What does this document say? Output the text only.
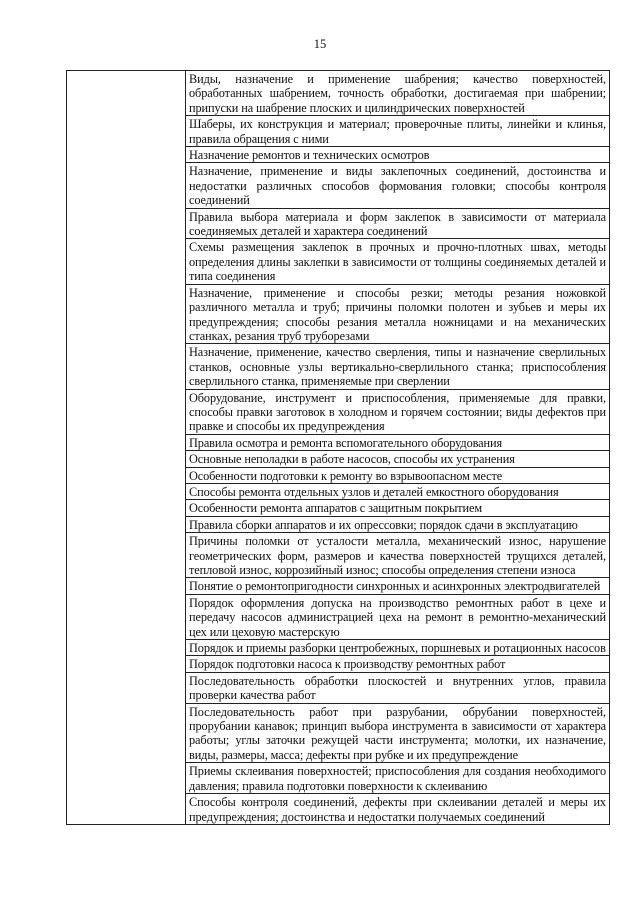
15
	Виды, назначение и применение шабрения; качество поверхностей, обработанных шабрением, точность обработки, достигаемая при шабрении; припуски на шабрение плоских и цилиндрических поверхностей
Шаберы, их конструкция и материал; проверочные плиты, линейки и клинья, правила обращения с ними
Назначение ремонтов и технических осмотров
Назначение, применение и виды заклепочных соединений, достоинства и недостатки различных способов формования головки; способы контроля соединений
Правила выбора материала и форм заклепок в зависимости от материала соединяемых деталей и характера соединений
Схемы размещения заклепок в прочных и прочно-плотных швах, методы определения длины заклепки в зависимости от толщины соединяемых деталей и типа соединения
Назначение, применение и способы резки; методы резания ножовкой различного металла и труб; причины поломки полотен и зубьев и меры их предупреждения; способы резания металла ножницами и на механических станках, резания труб труборезами
Назначение, применение, качество сверления, типы и назначение сверлильных станков, основные узлы вертикально-сверлильного станка; приспособления сверлильного станка, применяемые при сверлении
Оборудование, инструмент и приспособления, применяемые для правки, способы правки заготовок в холодном и горячем состоянии; виды дефектов при правке и способы их предупреждения
Правила осмотра и ремонта вспомогательного оборудования
Основные неполадки в работе насосов, способы их устранения
Особенности подготовки к ремонту во взрывоопасном месте
Способы ремонта отдельных узлов и деталей емкостного оборудования
Особенности ремонта аппаратов с защитным покрытием
Правила сборки аппаратов и их опрессовки; порядок сдачи в эксплуатацию
Причины поломки от усталости металла, механический износ, нарушение геометрических форм, размеров и качества поверхностей трущихся деталей, тепловой износ, коррозийный износ; способы определения степени износа
Понятие о ремонтопригодности синхронных и асинхронных электродвигателей
Порядок оформления допуска на производство ремонтных работ в цехе и передачу насосов администрацией цеха на ремонт в ремонтно-механический цех или цеховую мастерскую
Порядок и приемы разборки центробежных, поршневых и ротационных насосов
Порядок подготовки насоса к производству ремонтных работ
Последовательность обработки плоскостей и внутренних углов, правила проверки качества работ
Последовательность работ при разрубании, обрубании поверхностей, прорубании канавок; принцип выбора инструмента в зависимости от характера работы; углы заточки режущей части инструмента; молотки, их назначение, виды, размеры, масса; дефекты при рубке и их предупреждение
Приемы склеивания поверхностей; приспособления для создания необходимого давления; правила подготовки поверхности к склеиванию
Способы контроля соединений, дефекты при склеивании деталей и меры их предупреждения; достоинства и недостатки получаемых соединений
